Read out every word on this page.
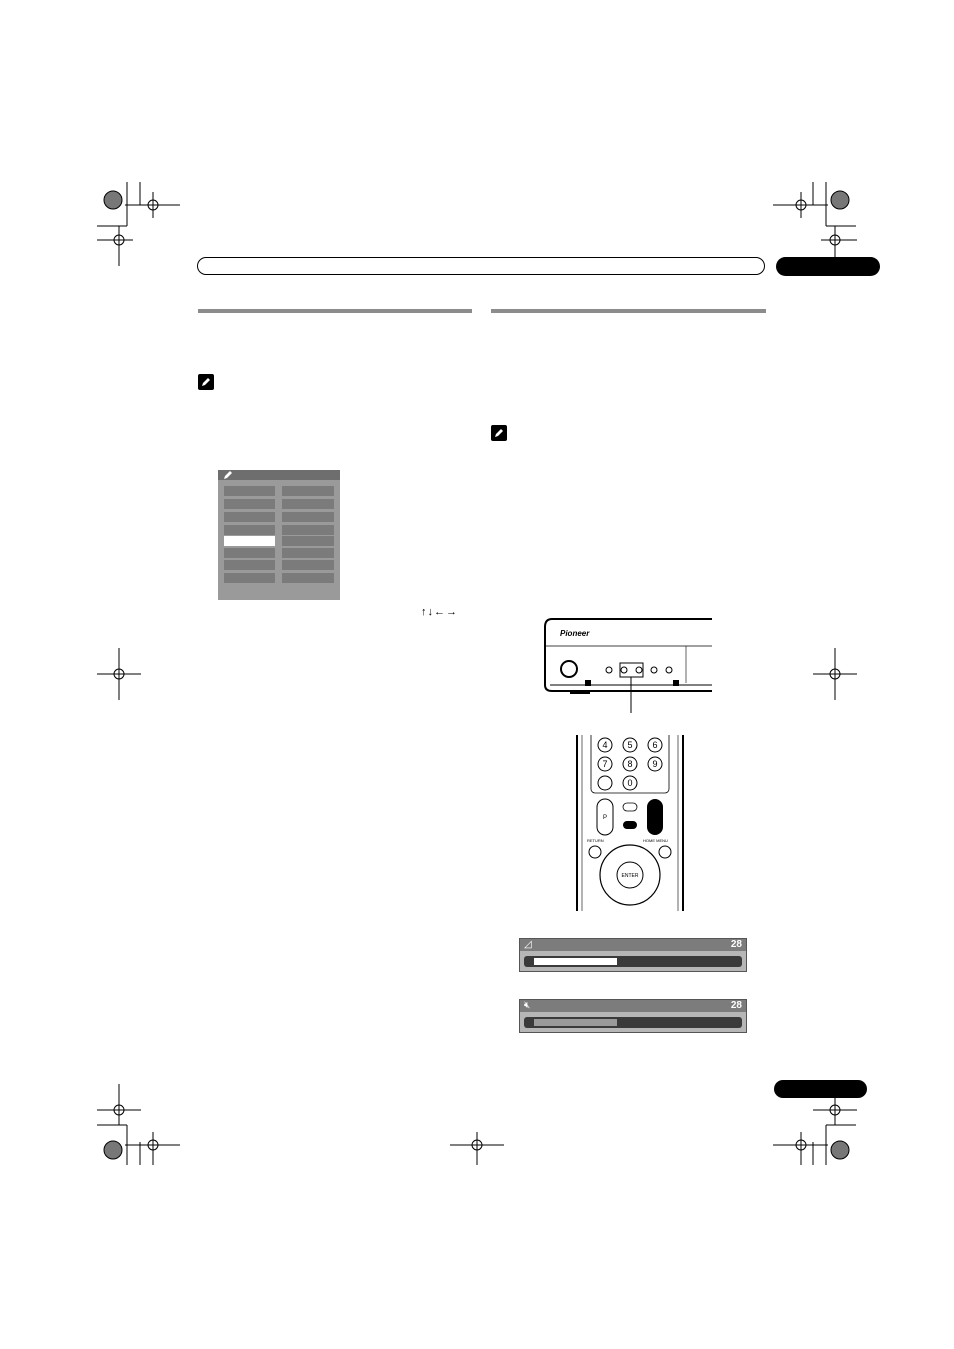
↑↓←→
Pioneer
4 5 6
7 8 9
0
P
RETURN	HOME MENU
ENTER
◿	28
🔇︎	28
